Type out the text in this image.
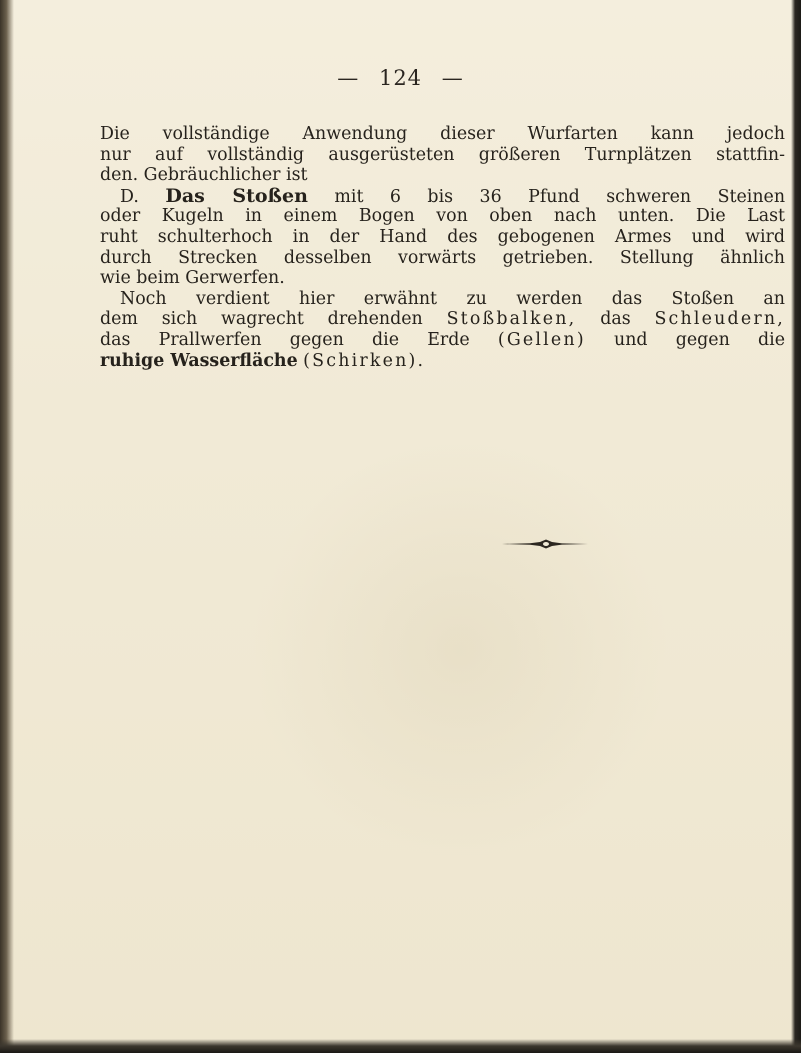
— 124 —
Die vollständige Anwendung dieser Wurfarten kann jedoch
nur auf vollständig ausgerüsteten größeren Turnplätzen stattfin-
den. Gebräuchlicher ist
D. Das Stoßen mit 6 bis 36 Pfund schweren Steinen
oder Kugeln in einem Bogen von oben nach unten. Die Last
ruht schulterhoch in der Hand des gebogenen Armes und wird
durch Strecken desselben vorwärts getrieben. Stellung ähnlich
wie beim Gerwerfen.
Noch verdient hier erwähnt zu werden das Stoßen an
dem sich wagrecht drehenden Stoßbalken, das Schleudern,
das Prallwerfen gegen die Erde (Gellen) und gegen die
ruhige Wasserfläche (Schirken).
